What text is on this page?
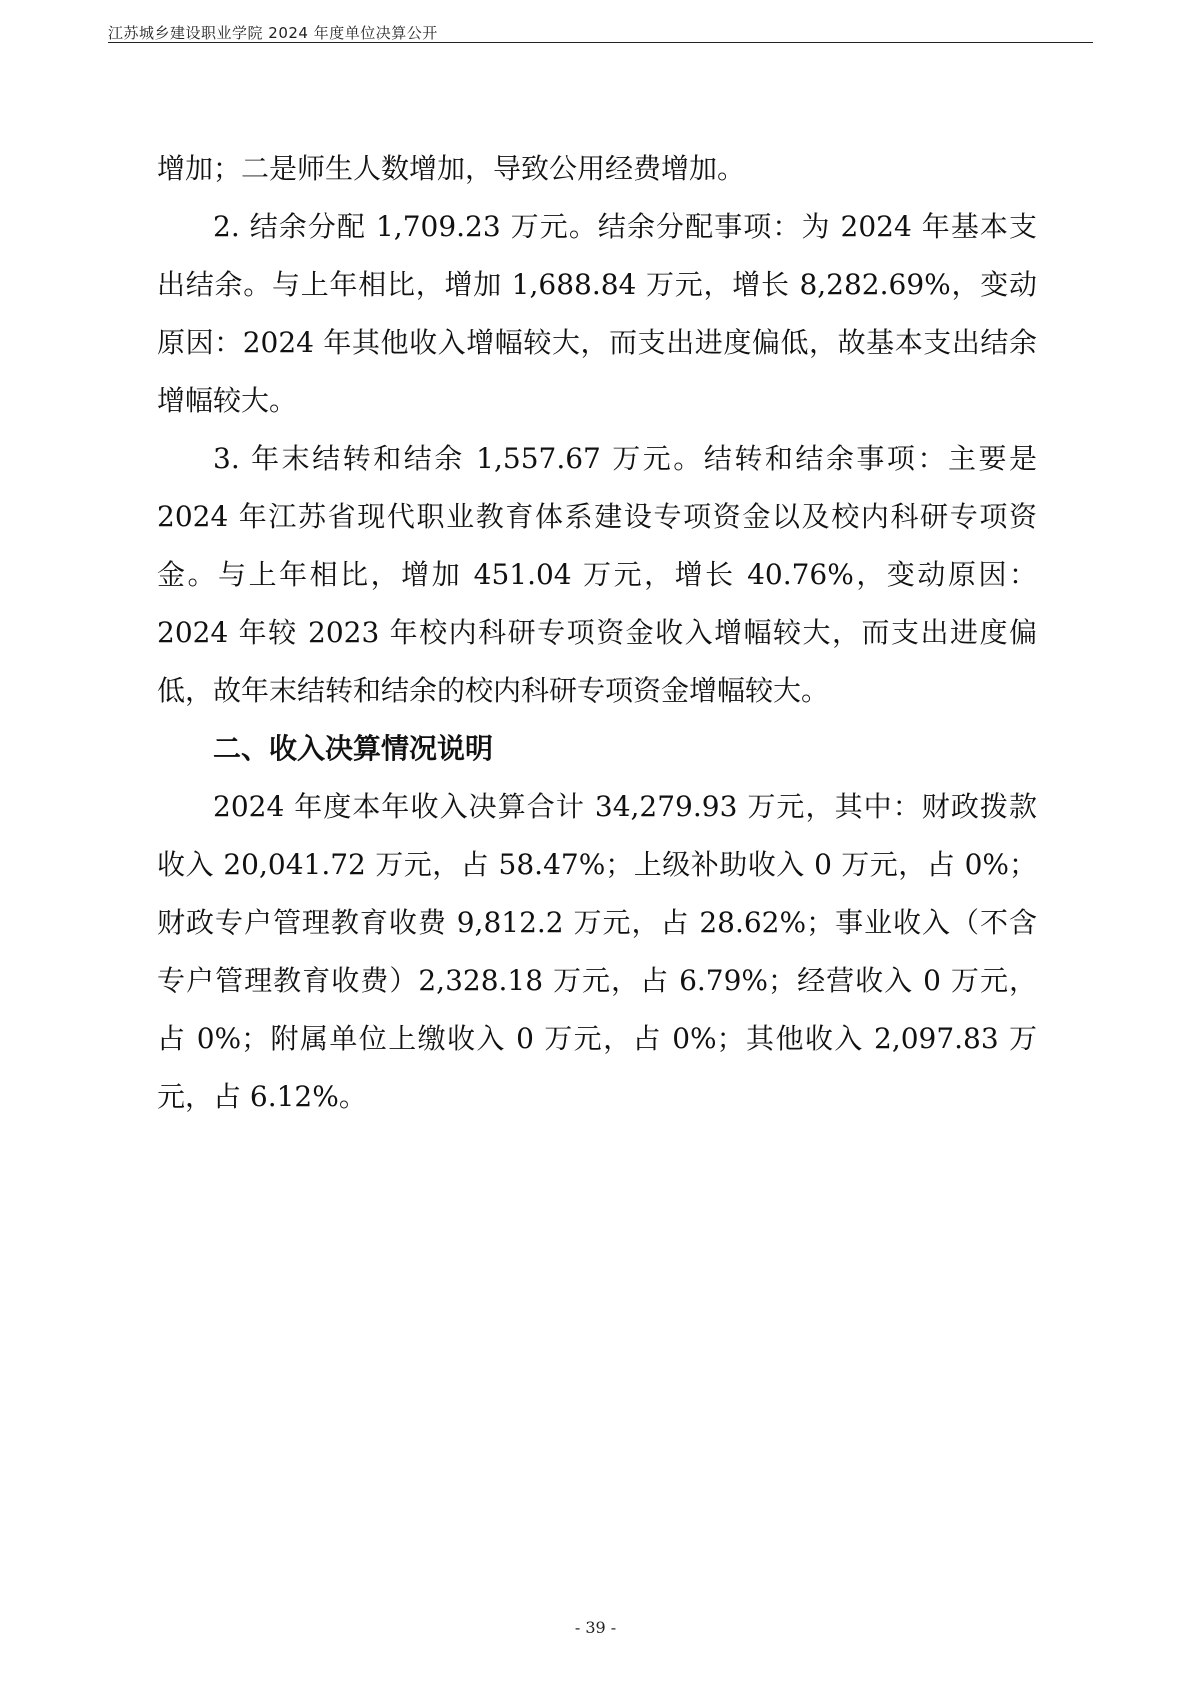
江苏城乡建设职业学院 2024 年度单位决算公开

增加；二是师生人数增加，导致公用经费增加。

2. 结余分配 1,709.23 万元。结余分配事项：为 2024 年基本支出结余。与上年相比，增加 1,688.84 万元，增长 8,282.69%，变动原因：2024 年其他收入增幅较大，而支出进度偏低，故基本支出结余增幅较大。

3. 年末结转和结余 1,557.67 万元。结转和结余事项：主要是 2024 年江苏省现代职业教育体系建设专项资金以及校内科研专项资金。与上年相比，增加 451.04 万元，增长 40.76%，变动原因：2024 年较 2023 年校内科研专项资金收入增幅较大，而支出进度偏低，故年末结转和结余的校内科研专项资金增幅较大。

二、收入决算情况说明

2024 年度本年收入决算合计 34,279.93 万元，其中：财政拨款收入 20,041.72 万元，占 58.47%；上级补助收入 0 万元，占 0%；财政专户管理教育收费 9,812.2 万元，占 28.62%；事业收入（不含专户管理教育收费）2,328.18 万元，占 6.79%；经营收入 0 万元，占 0%；附属单位上缴收入 0 万元，占 0%；其他收入 2,097.83 万元，占 6.12%。

- 39 -
